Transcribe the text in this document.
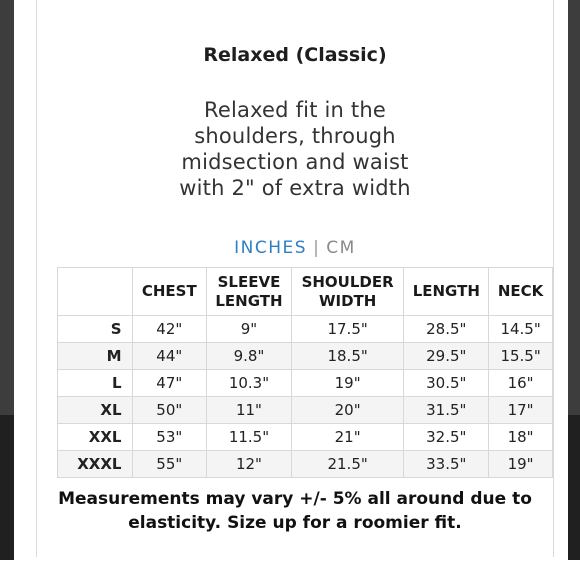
Relaxed (Classic)
Relaxed fit in the
shoulders, through
midsection and waist
with 2" of extra width
INCHES | CM
	CHEST	SLEEVE LENGTH	SHOULDER WIDTH	LENGTH	NECK
S	42"	9"	17.5"	28.5"	14.5"
M	44"	9.8"	18.5"	29.5"	15.5"
L	47"	10.3"	19"	30.5"	16"
XL	50"	11"	20"	31.5"	17"
XXL	53"	11.5"	21"	32.5"	18"
XXXL	55"	12"	21.5"	33.5"	19"
Measurements may vary +/- 5% all around due to elasticity. Size up for a roomier fit.
